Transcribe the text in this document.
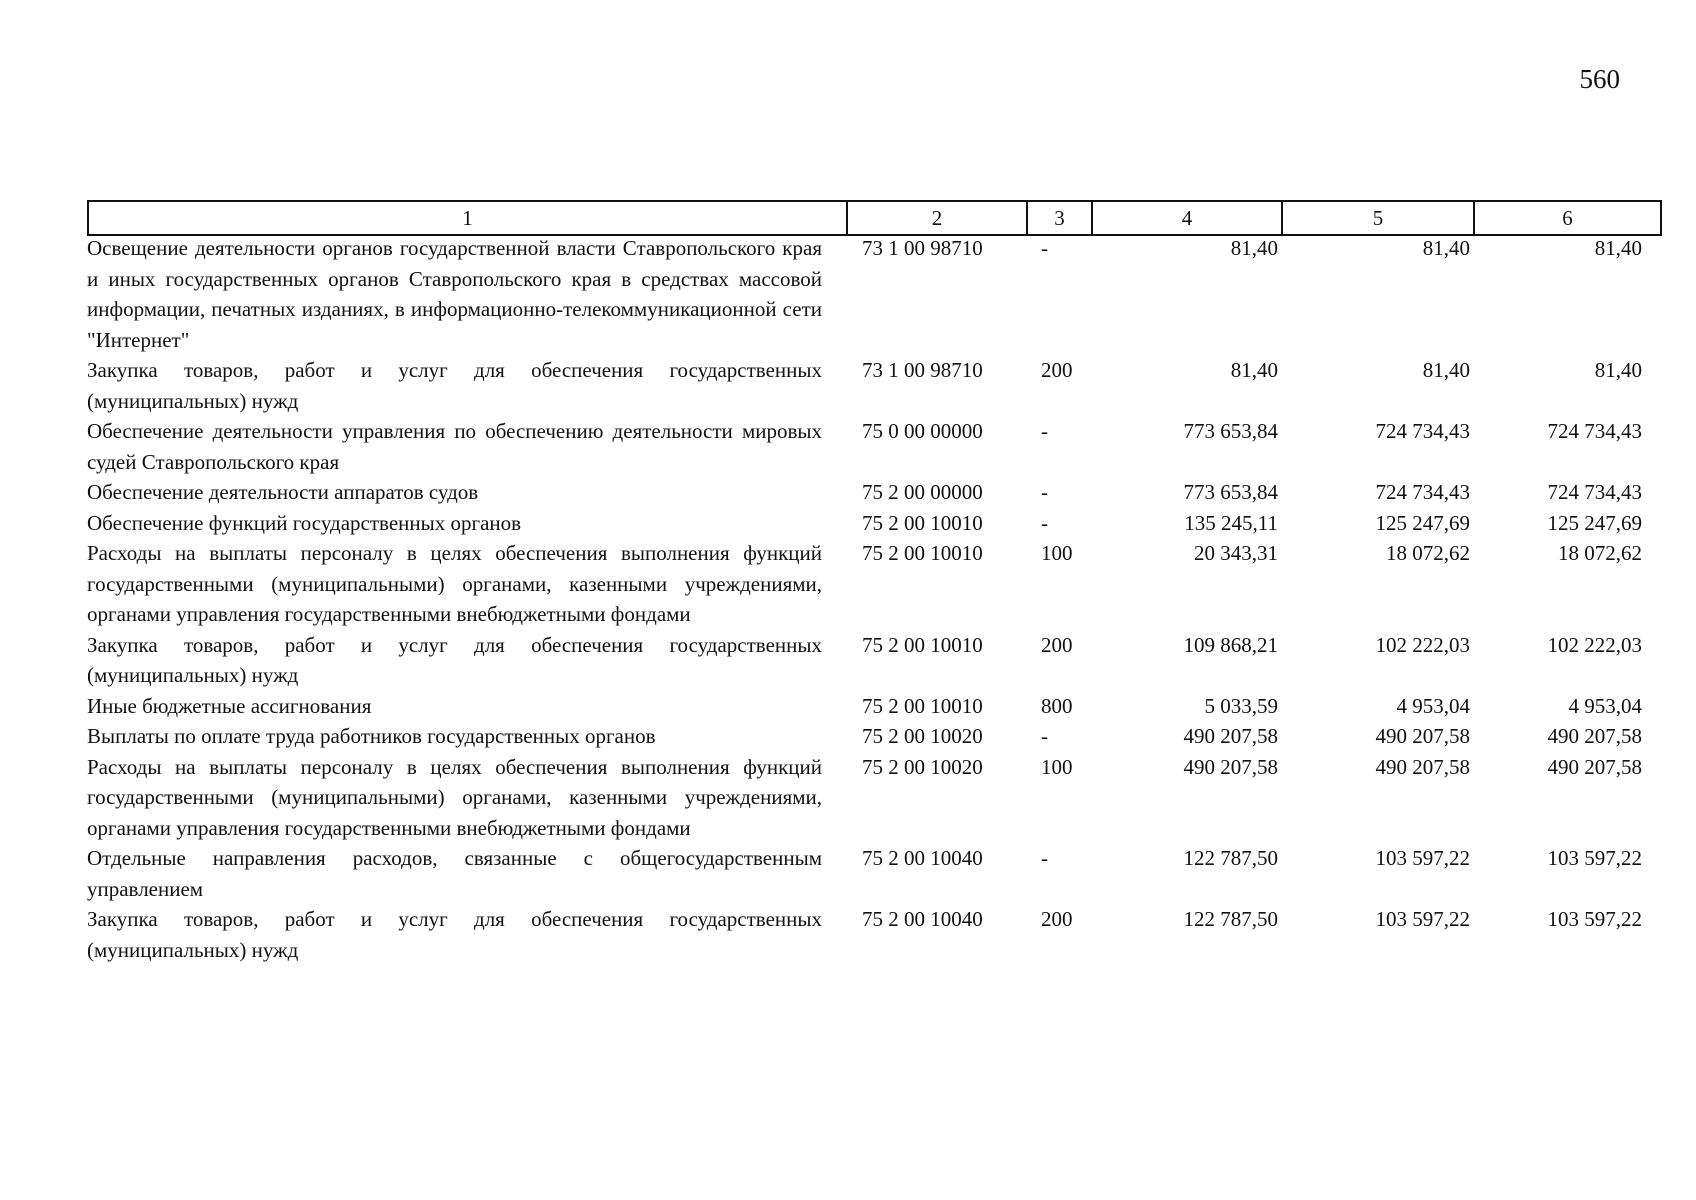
560
1	2	3	4	5	6
Освещение деятельности органов государственной власти Ставропольского края и иных государственных органов Ставропольского края в средствах массовой информации, печатных изданиях, в информационно-телекоммуникационной сети "Интернет"	73 1 00 98710	-	81,40	81,40	81,40
Закупка товаров, работ и услуг для обеспечения государственных (муниципальных) нужд	73 1 00 98710	200	81,40	81,40	81,40
Обеспечение деятельности управления по обеспечению деятельности мировых судей Ставропольского края	75 0 00 00000	-	773 653,84	724 734,43	724 734,43
Обеспечение деятельности аппаратов судов	75 2 00 00000	-	773 653,84	724 734,43	724 734,43
Обеспечение функций государственных органов	75 2 00 10010	-	135 245,11	125 247,69	125 247,69
Расходы на выплаты персоналу в целях обеспечения выполнения функций государственными (муниципальными) органами, казенными учреждениями, органами управления государственными внебюджетными фондами	75 2 00 10010	100	20 343,31	18 072,62	18 072,62
Закупка товаров, работ и услуг для обеспечения государственных (муниципальных) нужд	75 2 00 10010	200	109 868,21	102 222,03	102 222,03
Иные бюджетные ассигнования	75 2 00 10010	800	5 033,59	4 953,04	4 953,04
Выплаты по оплате труда работников государственных органов	75 2 00 10020	-	490 207,58	490 207,58	490 207,58
Расходы на выплаты персоналу в целях обеспечения выполнения функций государственными (муниципальными) органами, казенными учреждениями, органами управления государственными внебюджетными фондами	75 2 00 10020	100	490 207,58	490 207,58	490 207,58
Отдельные направления расходов, связанные с общегосударственным управлением	75 2 00 10040	-	122 787,50	103 597,22	103 597,22
Закупка товаров, работ и услуг для обеспечения государственных (муниципальных) нужд	75 2 00 10040	200	122 787,50	103 597,22	103 597,22
